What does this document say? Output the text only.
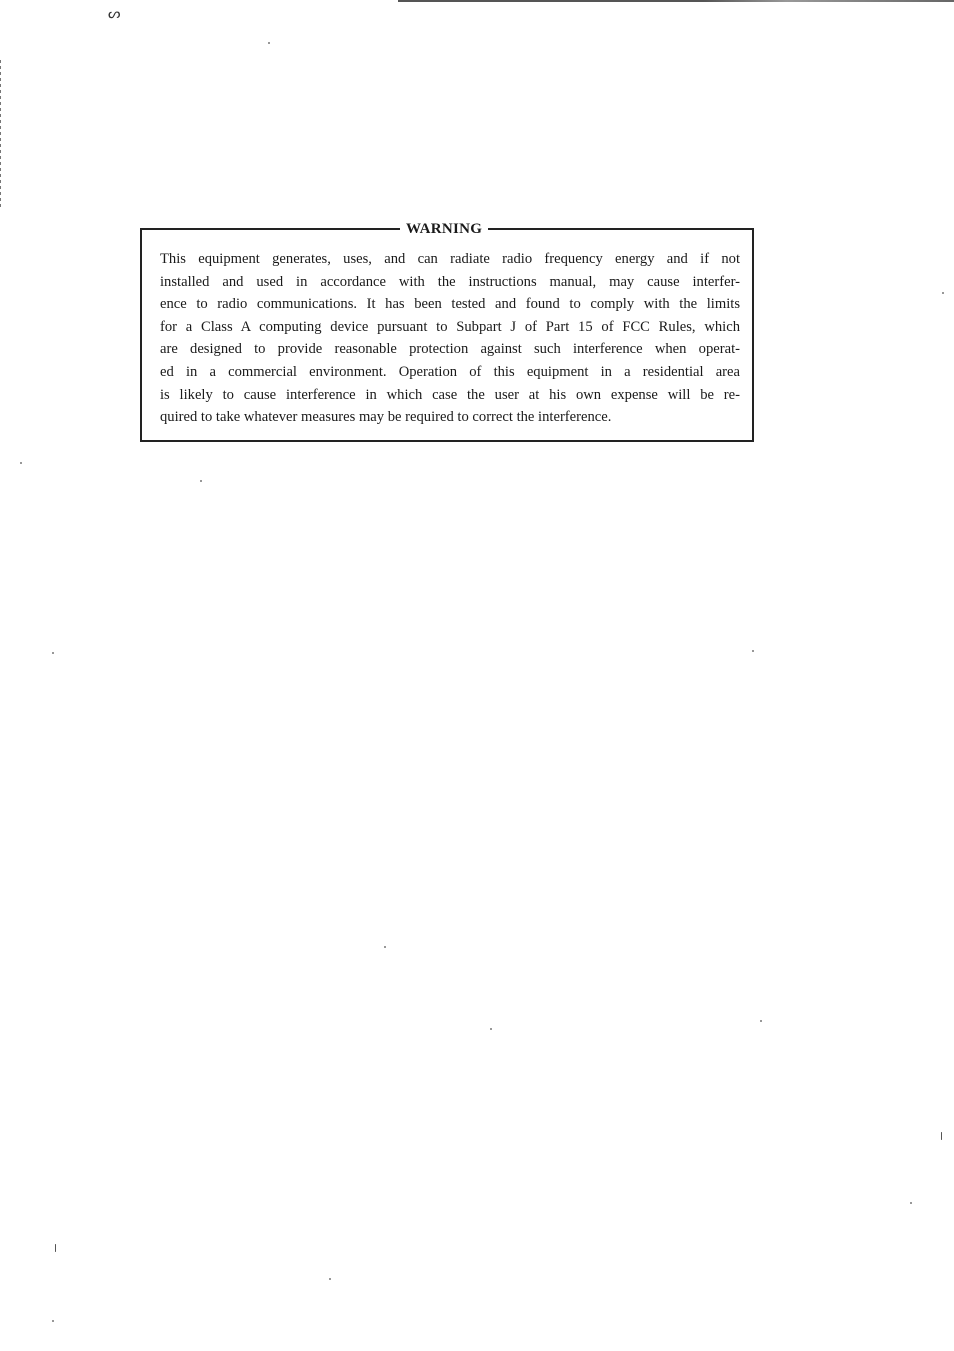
ᔕ
WARNING

This equipment generates, uses, and can radiate radio frequency energy and if not
installed and used in accordance with the instructions manual, may cause interfer-
ence to radio communications. It has been tested and found to comply with the limits
for a Class A computing device pursuant to Subpart J of Part 15 of FCC Rules, which
are designed to provide reasonable protection against such interference when operat-
ed in a commercial environment. Operation of this equipment in a residential area
is likely to cause interference in which case the user at his own expense will be re-
quired to take whatever measures may be required to correct the interference.
